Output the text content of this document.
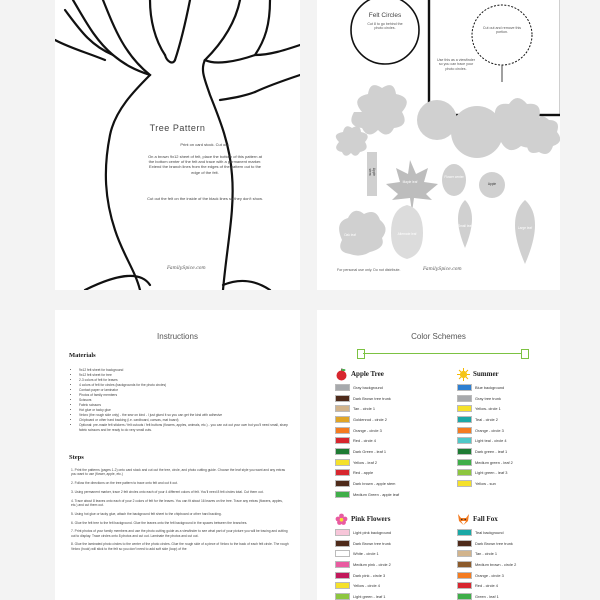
Tree Pattern
Print on card stock. Cut out.
On a brown 9x12 sheet of felt, place the bottom of this pattern at the bottom center of the felt and trace with a permanent marker. Extend the branch lines from the edges of the pattern out to the edge of the felt.
Cut out the felt on the inside of the black lines so they don't show.
FamilySpice.com
Felt Circles
Cut 8 to go behind the photo circles.	Cut out and remove this portion.
Use this as a viewfinder so you can trace your photo circles.
Apple stem
Flower center
Maple leaf	Apple
Oak leaf	Alternate leaf
Small leaf	Large leaf
For personal use only. Do not distribute.	FamilySpice.com
Instructions
Materials
• 9x12 felt sheet for background
• 9x12 felt sheet for tree
• 2-3 colors of felt for leaves
• 4 colors of felt for circles (backgrounds for the photo circles)
• Contact paper or laminator
• Photos of family members
• Scissors
• Fabric scissors
• Hot glue or tacky glue
• Velcro (the rough side only) - the sew on kind - I just glued it so you can get the kind with adhesive
• Chipboard or other hard backing (i.e. cardboard, canvas, mat board)
• Optional: pre-made felt stickers / felt cutouts / felt buttons (flowers, apples, animals, etc.) - you can cut out your own but you'll need small, sharp fabric scissors and be ready to do very small cuts.
Steps
1. Print the patterns (pages 1-2) onto card stock and cut out the tree, circle, and photo cutting guide. Choose the leaf style you want and any extras you want to use (flower, apple, etc.)
2. Follow the directions on the tree pattern to trace onto felt and cut it out.
3. Using permanent marker, trace 2 felt circles onto each of your 4 different colors of felt. You'll need 8 felt circles total. Cut them out.
4. Trace about 8 leaves onto each of your 2 colors of felt for the leaves. You can fit about 16 leaves on the tree. Trace any extras (flowers, apples, etc.) and cut them out.
5. Using hot glue or tacky glue, attach the background felt sheet to the chipboard or other hard backing.
6. Glue the felt tree to the felt background. Glue the leaves onto the felt background in the spaces between the branches.
7. Print photos of your family members and use the photo cutting guide as a viewfinder to see what part of your picture you will be tracing and cutting out to display. Trace circles onto 8 photos and cut out. Laminate the photos and cut out.
8. Glue the laminated photo circles to the center of the photo circles. Glue the rough side of a piece of Velcro to the back of each felt circle. The rough Velcro (hook) will stick to the felt so you don't need to add soft side (loop) of the
Color Schemes
Apple Tree
Gray background
Dark Brown tree trunk
Tan - circle 1
Goldenrod - circle 2
Orange - circle 3
Red - circle 4
Dark Green - leaf 1
Yellow - leaf 2
Red - apple
Dark brown - apple stem
Medium Green - apple leaf
Summer
Blue background
Gray tree trunk
Yellow- circle 1
Teal - circle 2
Orange - circle 3
Light teal - circle 4
Dark green - leaf 1
Medium green - leaf 2
Light green - leaf 3
Yellow - sun
Pink Flowers
Light pink background
Dark Brown tree trunk
White - circle 1
Medium pink - circle 2
Dark pink - circle 3
Yellow - circle 4
Light green - leaf 1
Fall Fox
Teal background
Dark Brown tree trunk
Tan - circle 1
Medium brown - circle 2
Orange - circle 3
Red - circle 4
Green - leaf 1
